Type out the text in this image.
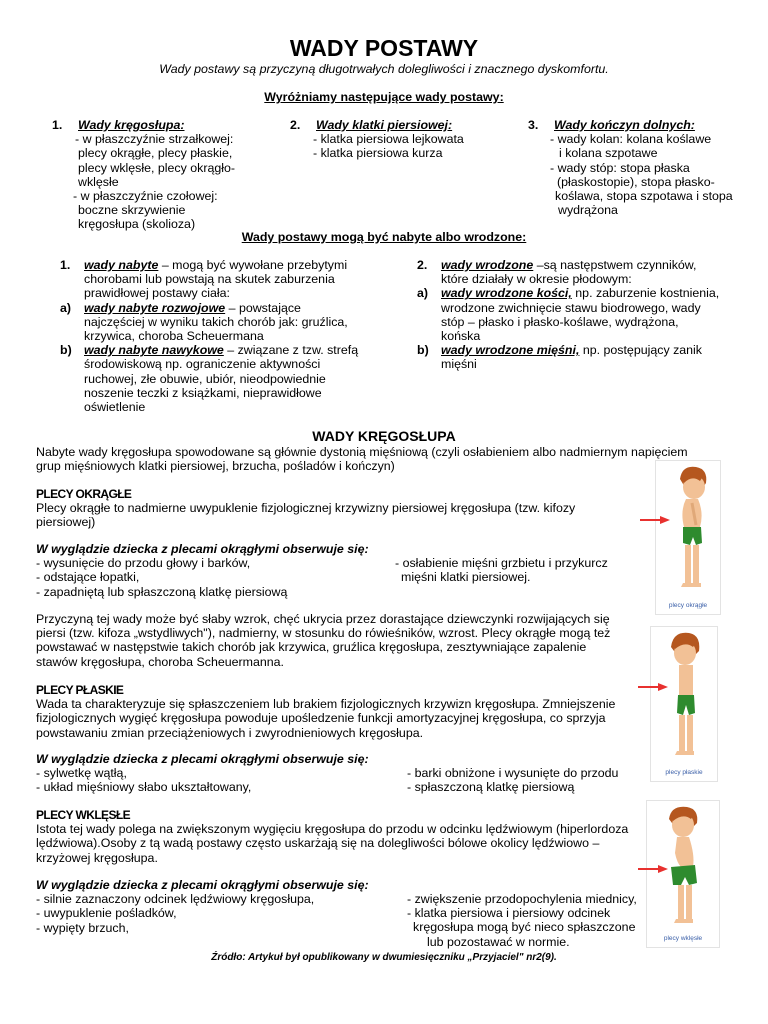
WADY POSTAWY
Wady postawy są przyczyną długotrwałych dolegliwości i znacznego dyskomfortu.
Wyróżniamy następujące wady postawy:
1. Wady kręgosłupa:
- w płaszczyźnie strzałkowej:
plecy okrągłe, plecy płaskie,
plecy wklęsłe, plecy okrągło-
wklęsłe
- w płaszczyźnie czołowej:
boczne skrzywienie
kręgosłupa (skolioza)
2. Wady klatki piersiowej:
- klatka piersiowa lejkowata
- klatka piersiowa kurza
3. Wady kończyn dolnych:
- wady kolan: kolana koślawe
i kolana szpotawe
- wady stóp: stopa płaska
(płaskostopie), stopa płasko-
koślawa, stopa szpotawa i stopa
wydrążona
Wady postawy mogą być nabyte albo wrodzone:
1. wady nabyte – mogą być wywołane przebytymi
chorobami lub powstają na skutek zaburzenia
prawidłowej postawy ciała:
a) wady nabyte rozwojowe – powstające
najczęściej w wyniku takich chorób jak: gruźlica,
krzywica, choroba Scheuermana
b) wady nabyte nawykowe – związane z tzw. strefą
środowiskową np. ograniczenie aktywności
ruchowej, złe obuwie, ubiór, nieodpowiednie
noszenie teczki z książkami, nieprawidłowe
oświetlenie
2. wady wrodzone –są następstwem czynników,
które działały w okresie płodowym:
a) wady wrodzone kości, np. zaburzenie kostnienia,
wrodzone zwichnięcie stawu biodrowego, wady
stóp – płasko i płasko-koślawe, wydrążona,
końska
b) wady wrodzone mięśni, np. postępujący zanik
mięśni
WADY KRĘGOSŁUPA
Nabyte wady kręgosłupa spowodowane są głównie dystonią mięśniową (czyli osłabieniem albo nadmiernym napięciem
grup mięśniowych klatki piersiowej, brzucha, pośladów i kończyn)
PLECY OKRĄGŁE
Plecy okrągłe to nadmierne uwypuklenie fizjologicznej krzywizny piersiowej kręgosłupa (tzw. kifozy
piersiowej)
W wyglądzie dziecka z plecami okrągłymi obserwuje się:
- wysunięcie do przodu głowy i barków,
- odstające łopatki,
- zapadniętą lub spłaszczoną klatkę piersiową
- osłabienie mięśni grzbietu i przykurcz
mięśni klatki piersiowej.
Przyczyną tej wady może być słaby wzrok, chęć ukrycia przez dorastające dziewczynki rozwijających się
piersi (tzw. kifoza „wstydliwych"), nadmierny, w stosunku do rówieśników, wzrost. Plecy okrągłe mogą też
powstawać w następstwie takich chorób jak krzywica, gruźlica kręgosłupa, zesztywniające zapalenie
stawów kręgosłupa, choroba Scheuermanna.
PLECY PŁASKIE
Wada ta charakteryzuje się spłaszczeniem lub brakiem fizjologicznych krzywizn kręgosłupa. Zmniejszenie
fizjologicznych wygięć kręgosłupa powoduje upośledzenie funkcji amortyzacyjnej kręgosłupa, co sprzyja
powstawaniu zmian przeciążeniowych i zwyrodnieniowych kręgosłupa.
W wyglądzie dziecka z plecami okrągłymi obserwuje się:
- sylwetkę wątłą,
- układ mięśniowy słabo ukształtowany,
- barki obniżone i wysunięte do przodu
- spłaszczoną klatkę piersiową
PLECY WKLĘSŁE
Istota tej wady polega na zwiększonym wygięciu kręgosłupa do przodu w odcinku lędźwiowym (hiperlordoza
lędźwiowa).Osoby z tą wadą postawy często uskarżają się na dolegliwości bólowe okolicy lędźwiowo –
krzyżowej kręgosłupa.
W wyglądzie dziecka z plecami okrągłymi obserwuje się:
- silnie zaznaczony odcinek lędźwiowy kręgosłupa,
- uwypuklenie pośladków,
- wypięty brzuch,
- zwiększenie przodopochylenia miednicy,
- klatka piersiowa i piersiowy odcinek
kręgosłupa mogą być nieco spłaszczone
lub pozostawać w normie.
Źródło: Artykuł był opublikowany w dwumiesięczniku „Przyjaciel" nr2(9).
plecy okrągłe
plecy płaskie
plecy wklęsłe
